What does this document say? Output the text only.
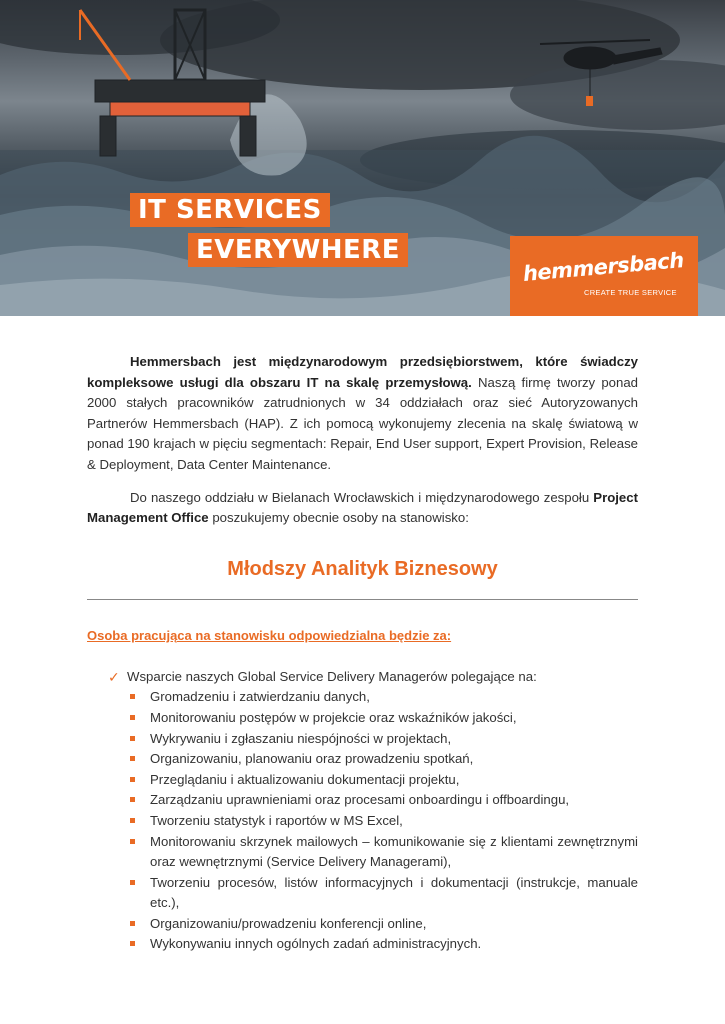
IT SERVICES
EVERYWHERE	hemmersbach
CREATE TRUE SERVICE

Hemmersbach jest międzynarodowym przedsiębiorstwem, które świadczy kompleksowe usługi dla obszaru IT na skalę przemysłową. Naszą firmę tworzy ponad 2000 stałych pracowników zatrudnionych w 34 oddziałach oraz sieć Autoryzowanych Partnerów Hemmersbach (HAP). Z ich pomocą wykonujemy zlecenia na skalę światową w ponad 190 krajach w pięciu segmentach: Repair, End User support, Expert Provision, Release & Deployment, Data Center Maintenance.

Do naszego oddziału w Bielanach Wrocławskich i międzynarodowego zespołu Project Management Office poszukujemy obecnie osoby na stanowisko:

Młodszy Analityk Biznesowy
Osoba pracująca na stanowisku odpowiedzialna będzie za:
✓ Wsparcie naszych Global Service Delivery Managerów polegające na:
Gromadzeniu i zatwierdzaniu danych,
Monitorowaniu postępów w projekcie oraz wskaźników jakości,
Wykrywaniu i zgłaszaniu niespójności w projektach,
Organizowaniu, planowaniu oraz prowadzeniu spotkań,
Przeglądaniu i aktualizowaniu dokumentacji projektu,
Zarządzaniu uprawnieniami oraz procesami onboardingu i offboardingu,
Tworzeniu statystyk i raportów w MS Excel,
Monitorowaniu skrzynek mailowych – komunikowanie się z klientami zewnętrznymi oraz wewnętrznymi (Service Delivery Managerami),
Tworzeniu procesów, listów informacyjnych i dokumentacji (instrukcje, manuale etc.),
Organizowaniu/prowadzeniu konferencji online,
Wykonywaniu innych ogólnych zadań administracyjnych.
